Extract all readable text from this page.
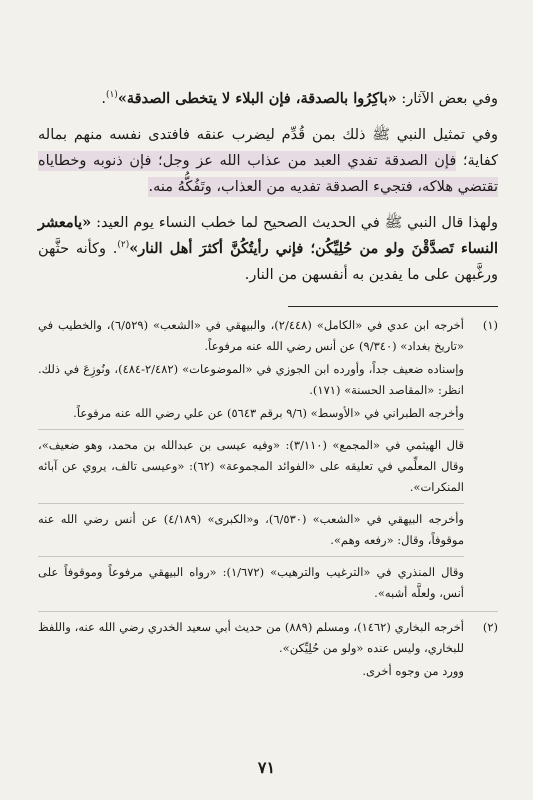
وفي بعض الآثار: «باكِرُوا بالصدقة، فإن البلاء لا يتخطى الصدقة»$^{(١)}$.

وفي تمثيل النبي ﷺ ذلك بمن قُدِّم ليضرب عنقه فافتدى نفسه منهم بماله كفاية؛ فإن الصدقة تفدي العبد من عذاب الله عز وجل؛ فإن ذنوبه وخطاياه تقتضي هلاكه، فتجيء الصدقة تفديه من العذاب، وتَفُكُّهُ منه.

ولهذا قال النبي ﷺ في الحديث الصحيح لما خطب النساء يوم العيد: «يامعشر النساء تَصدَّقْنَ ولو من حُلِيِّكُن؛ فإني رأيتُكُنَّ أكثرَ أهل النار»$^{(٢)}$. وكأنه حثَّهن ورغَّبهن على ما يفدين به أنفسهن من النار.

(١)

أخرجه ابن عدي في «الكامل» (٢/٤٤٨)، والبيهقي في «الشعب» (٦/٥٢٩)، والخطيب في «تاريخ بغداد» (٩/٣٤٠) عن أنس رضي الله عنه مرفوعاً.

وإسناده ضعيف جداً، وأورده ابن الجوزي في «الموضوعات» (٢/٤٨٢-٤٨٤)، ونُوزِعَ في ذلك. انظر: «المقاصد الحسنة» (١٧١).

وأخرجه الطبراني في «الأوسط» (٩/٦ برقم ٥٦٤٣) عن علي رضي الله عنه مرفوعاً.

قال الهيثمي في «المجمع» (٣/١١٠): «وفيه عيسى بن عبدالله بن محمد، وهو ضعيف»، وقال المعلِّمي في تعليقه على «الفوائد المجموعة» (٦٢): «وعيسى تالف، يروي عن آبائه المنكرات».

وأخرجه البيهقي في «الشعب» (٦/٥٣٠)، و«الكبرى» (٤/١٨٩) عن أنس رضي الله عنه موقوفاً، وقال: «رفعه وهم».

وقال المنذري في «الترغيب والترهيب» (١/٦٧٢): «رواه البيهقي مرفوعاً وموقوفاً على أنس، ولعلَّه أشبه».

(٢)

أخرجه البخاري (١٤٦٢)، ومسلم (٨٨٩) من حديث أبي سعيد الخدري رضي الله عنه، واللفظ للبخاري، وليس عنده «ولو من حُلِيِّكن».

وورد من وجوه أخرى.

٧١
